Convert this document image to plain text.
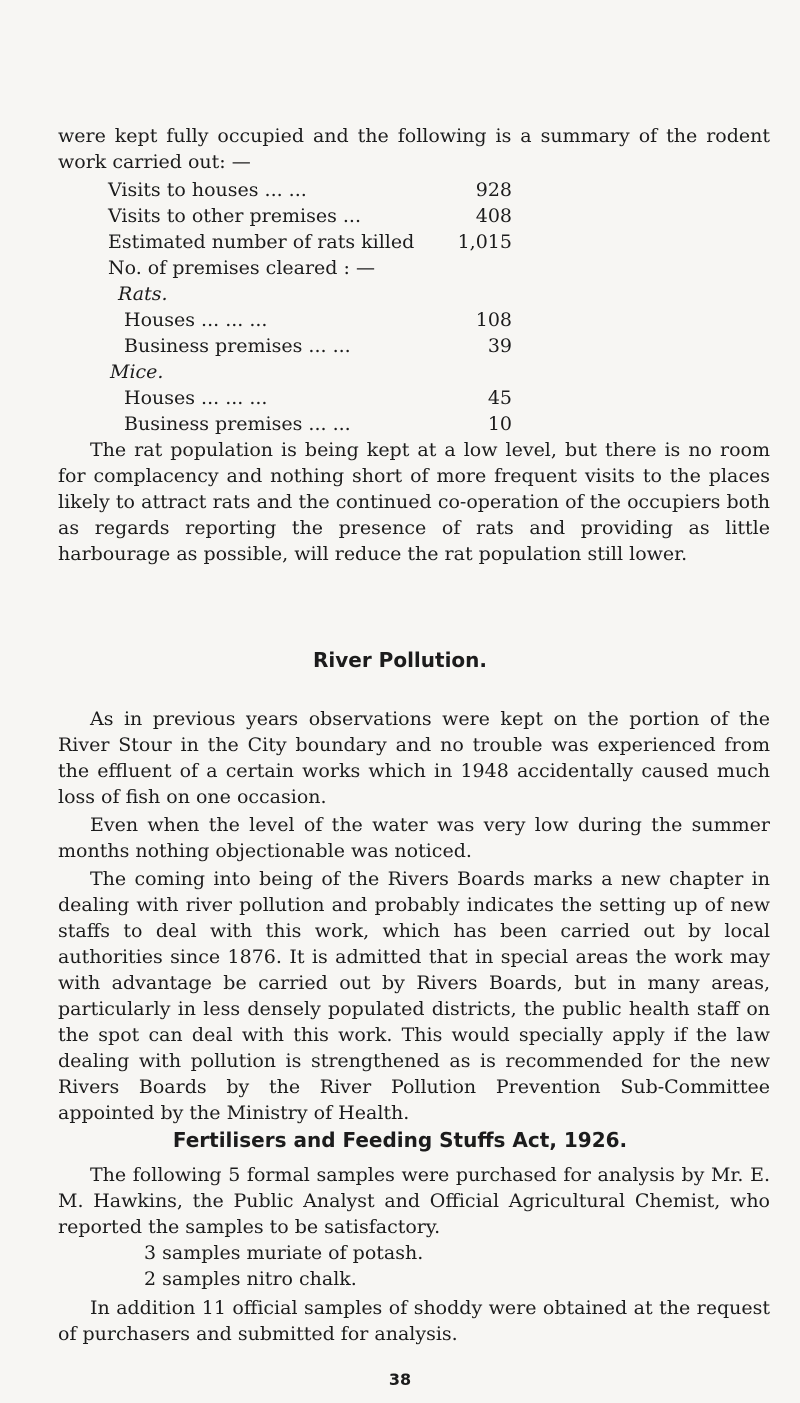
were kept fully occupied and the following is a summary of the rodent work carried out: —

Visits to houses ... ...	928
Visits to other premises ...	408
Estimated number of rats killed 1,015
No. of premises cleared : —
Rats.
Houses ... ... ...	108
Business premises ... ...	39
Mice.
Houses ... ... ...	45
Business premises ... ...	10

The rat population is being kept at a low level, but there is no room for complacency and nothing short of more frequent visits to the places likely to attract rats and the continued co-operation of the occupiers both as regards reporting the presence of rats and providing as little harbourage as possible, will reduce the rat population still lower.

River Pollution.

As in previous years observations were kept on the portion of the River Stour in the City boundary and no trouble was experienced from the effluent of a certain works which in 1948 accidentally caused much loss of fish on one occasion.

Even when the level of the water was very low during the summer months nothing objectionable was noticed.

The coming into being of the Rivers Boards marks a new chapter in dealing with river pollution and probably indicates the setting up of new staffs to deal with this work, which has been carried out by local authorities since 1876. It is admitted that in special areas the work may with advantage be carried out by Rivers Boards, but in many areas, particularly in less densely populated districts, the public health staff on the spot can deal with this work. This would specially apply if the law dealing with pollution is strengthened as is recommended for the new Rivers Boards by the River Pollution Prevention Sub-Committee appointed by the Ministry of Health.

Fertilisers and Feeding Stuffs Act, 1926.

The following 5 formal samples were purchased for analysis by Mr. E. M. Hawkins, the Public Analyst and Official Agricultural Chemist, who reported the samples to be satisfactory.

3 samples muriate of potash.
2 samples nitro chalk.

In addition 11 official samples of shoddy were obtained at the request of purchasers and submitted for analysis.

38
